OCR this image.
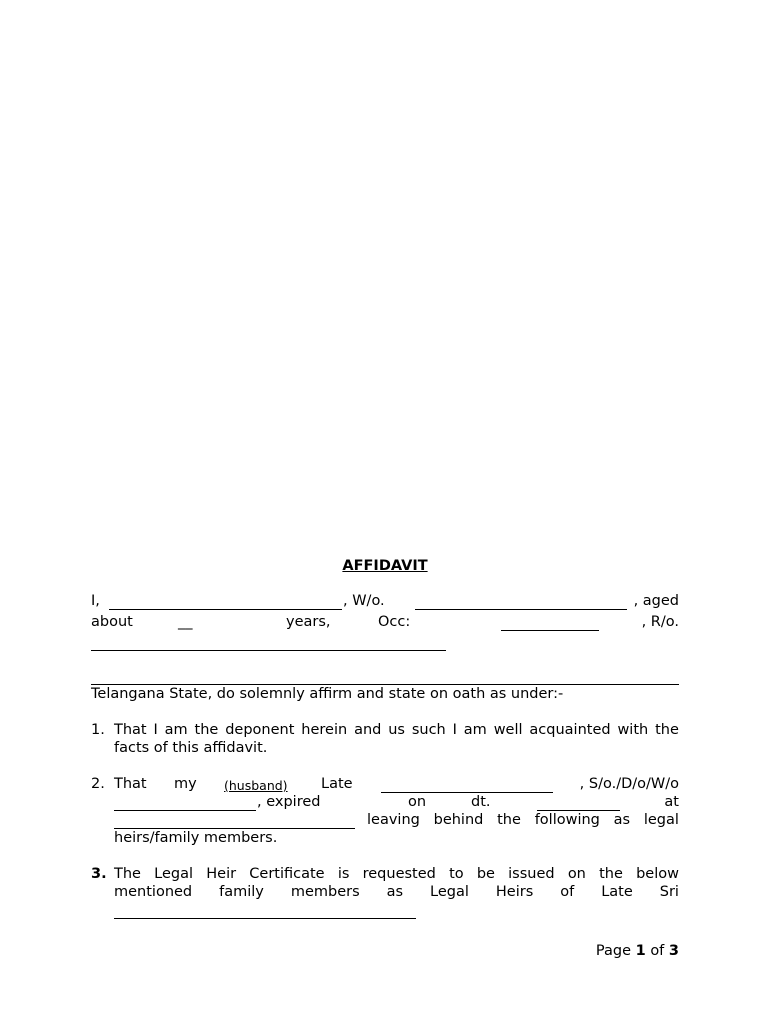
AFFIDAVIT
I,	, W/o.	, aged
about	__	years,	Occ:	, R/o.
Telangana State, do solemnly affirm and state on oath as under:-
1. That I am the deponent herein and us such I am well acquainted with the
facts of this affidavit.
2. That my (husband) Late	, S/o./D/o/W/o
, expired	on	dt.	at
leaving behind the following as legal
heirs/family members.
3. The Legal Heir Certificate is requested to be issued on the below
mentioned family members as Legal Heirs of Late Sri
Page 1 of 3
